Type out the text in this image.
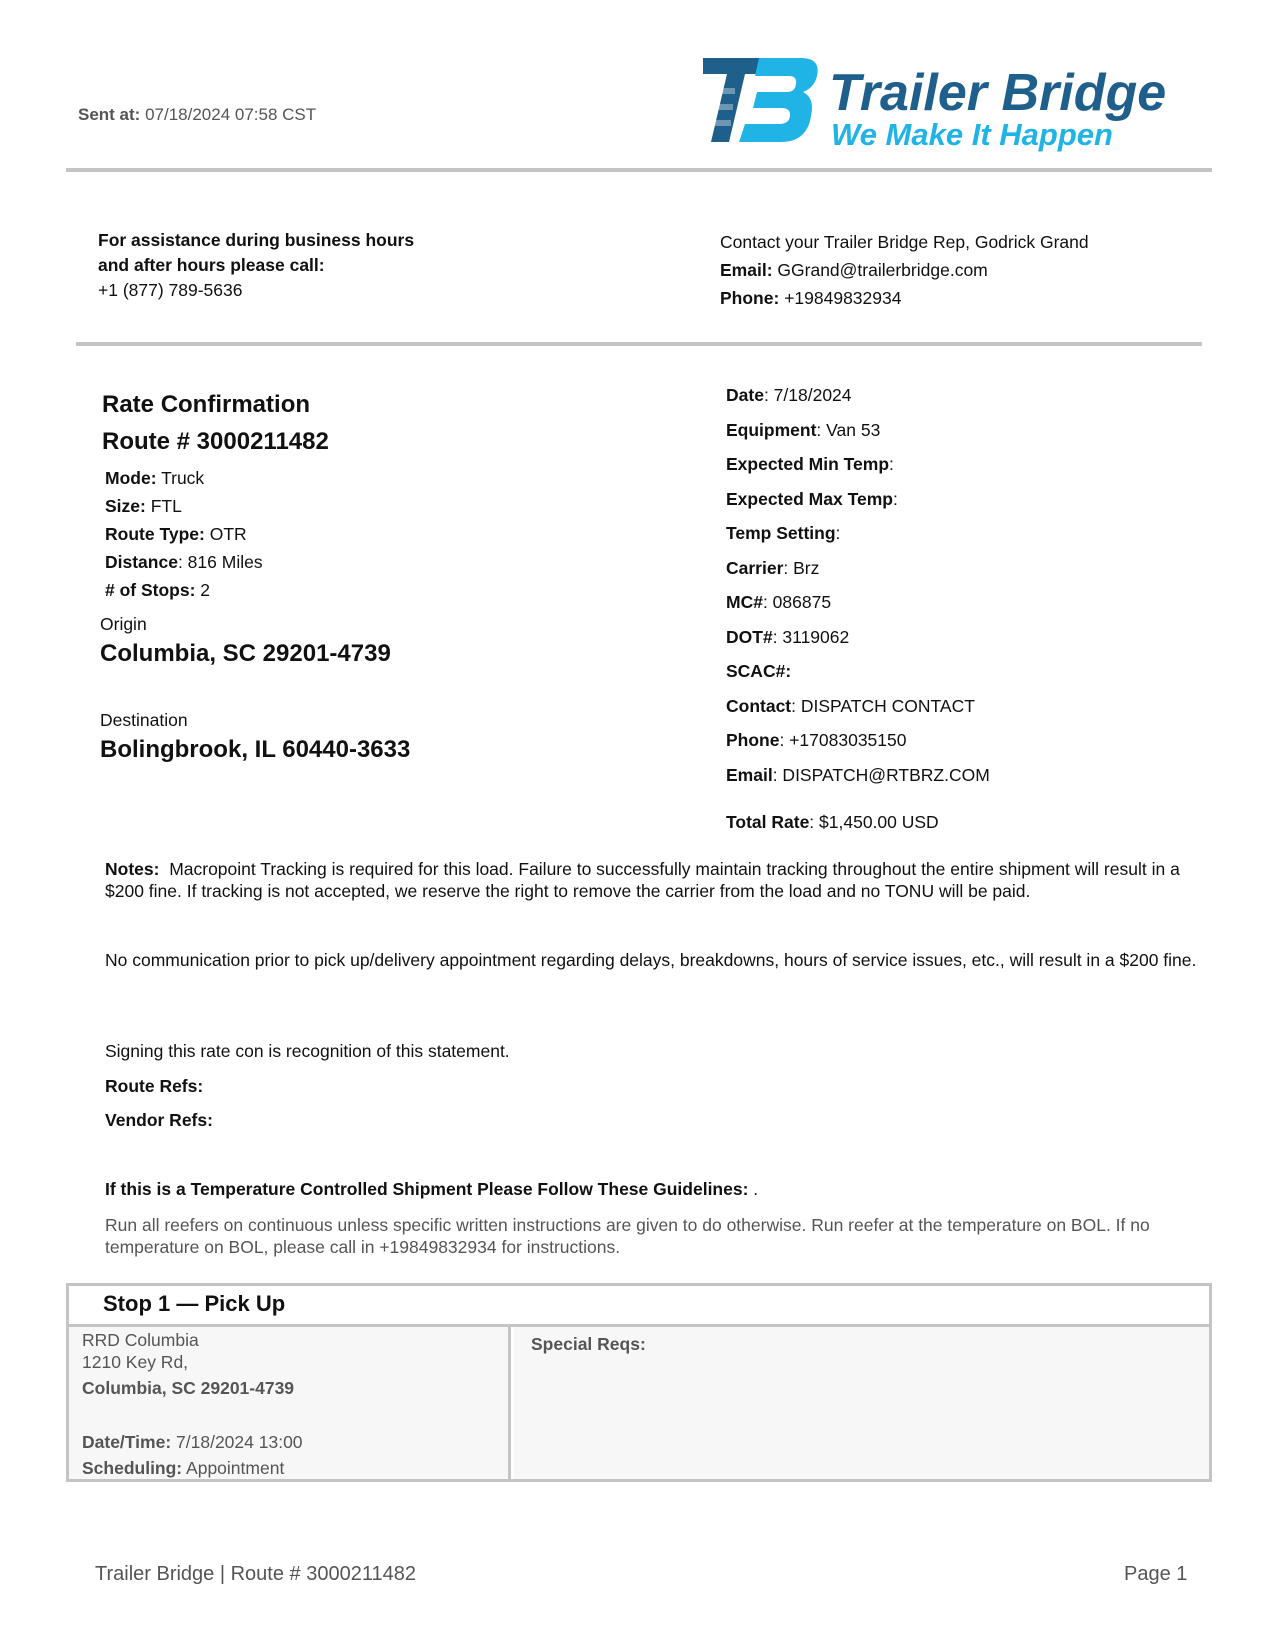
Sent at: 07/18/2024 07:58 CST	Trailer Bridge
We Make It Happen
For assistance during business hours
and after hours please call:
+1 (877) 789-5636
Contact your Trailer Bridge Rep, Godrick Grand
Email: GGrand@trailerbridge.com
Phone: +19849832934
Rate Confirmation
Route # 3000211482
Mode: Truck
Size: FTL
Route Type: OTR
Distance: 816 Miles
# of Stops: 2
Origin
Columbia, SC 29201-4739
Destination
Bolingbrook, IL 60440-3633
Date: 7/18/2024
Equipment: Van 53
Expected Min Temp:
Expected Max Temp:
Temp Setting:
Carrier: Brz
MC#: 086875
DOT#: 3119062
SCAC#:
Contact: DISPATCH CONTACT
Phone: +17083035150
Email: DISPATCH@RTBRZ.COM
Total Rate: $1,450.00 USD
Notes: Macropoint Tracking is required for this load. Failure to successfully maintain tracking throughout the entire shipment will result in a $200 fine. If tracking is not accepted, we reserve the right to remove the carrier from the load and no TONU will be paid.
No communication prior to pick up/delivery appointment regarding delays, breakdowns, hours of service issues, etc., will result in a $200 fine.
Signing this rate con is recognition of this statement.
Route Refs:
Vendor Refs:
If this is a Temperature Controlled Shipment Please Follow These Guidelines: .
Run all reefers on continuous unless specific written instructions are given to do otherwise. Run reefer at the temperature on BOL. If no temperature on BOL, please call in +19849832934 for instructions.
Stop 1 — Pick Up
RRD Columbia
1210 Key Rd,
Columbia, SC 29201-4739
Date/Time: 7/18/2024 13:00
Scheduling: Appointment
Special Reqs:
Trailer Bridge | Route # 3000211482	Page 1
